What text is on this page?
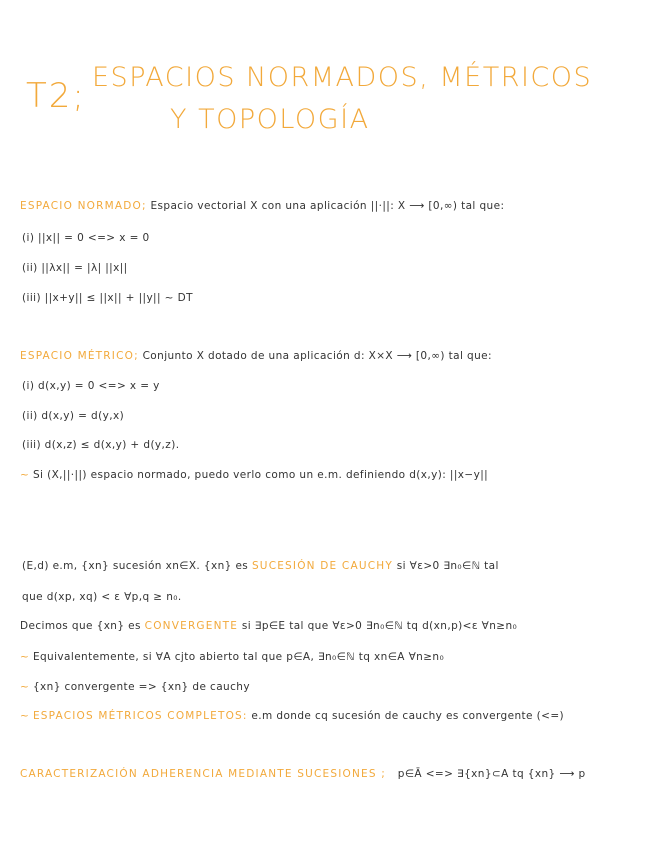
T2; ESPACIOS NORMADOS, MÉTRICOS
Y TOPOLOGÍA
ESPACIO NORMADO; Espacio vectorial X con una aplicación ||·||: X ⟶ [0,∞) tal que:
(i) ||x|| = 0 <=> x = 0
(ii) ||λx|| = |λ| ||x||
(iii) ||x+y|| ≤ ||x|| + ||y|| ~ DT
ESPACIO MÉTRICO; Conjunto X dotado de una aplicación d: X×X ⟶ [0,∞) tal que:
(i) d(x,y) = 0 <=> x = y
(ii) d(x,y) = d(y,x)
(iii) d(x,z) ≤ d(x,y) + d(y,z).
~ Si (X,||·||) espacio normado, puedo verlo como un e.m. definiendo d(x,y): ||x−y||
(E,d) e.m, {xn} sucesión xn∈X. {xn} es SUCESIÓN DE CAUCHY si ∀ε>0 ∃n₀∈ℕ tal
que d(xp, xq) < ε ∀p,q ≥ n₀.
Decimos que {xn} es CONVERGENTE si ∃p∈E tal que ∀ε>0 ∃n₀∈ℕ tq d(xn,p)<ε ∀n≥n₀
~ Equivalentemente, si ∀A cjto abierto tal que p∈A, ∃n₀∈ℕ tq xn∈A ∀n≥n₀
~ {xn} convergente => {xn} de cauchy
~ ESPACIOS MÉTRICOS COMPLETOS: e.m donde cq sucesión de cauchy es convergente (<=)
CARACTERIZACIÓN ADHERENCIA MEDIANTE SUCESIONES ; p∈Ā <=> ∃{xn}⊂A tq {xn} ⟶ p
